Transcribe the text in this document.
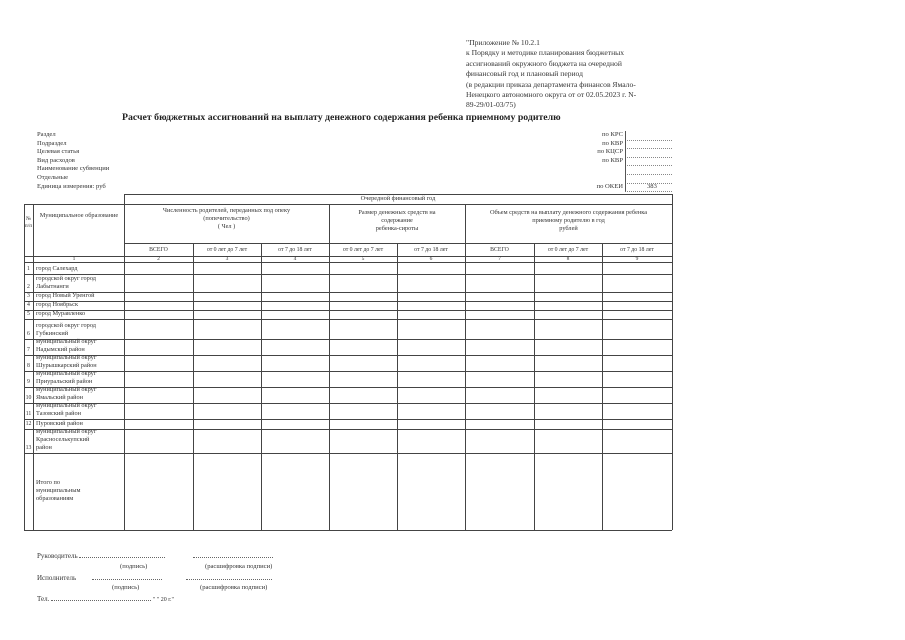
"Приложение № 10.2.1
к Порядку и методике планирования бюджетных
ассигнований окружного бюджета на очередной
финансовый год и плановый период
(в редакции приказа департамента финансов Ямало-
Ненецкого автономного округа от от 02.05.2023 г. N-
89-29/01-03/75)
Расчет бюджетных ассигнований на выплату денежного содержания ребенка приемному родителю
Раздел
Подраздел
Целевая статья
Вид расходов
Наименование субвенции
Отдельные
Единица измерения: руб
по КРС
по КВР
по КЦСР
по КВР
по ОКЕИ	383
Очередной финансовый год
№ п/п
Муниципальное образование
Численность родителей, переданных под опеку
(попечительство)
( Чел )
Размер денежных средств на
содержание
ребенка-сироты
Объем средств на выплату денежного содержания ребенка
приемному родителю в год
рублей
ВСЕГО	от 0 лет до 7 лет	от 7 до 18 лет	от 0 лет до 7 лет	от 7 до 18 лет	ВСЕГО	от 0 лет до 7 лет	от 7 до 18 лет
1	2	3	4	5	6	7	8	9
1 город Салехард
2
городской округ город
Лабытнанги
3 город Новый Уренгой
4 город Ноябрьск
5 город Муравленко
6
городской округ город
Губкинский
7
муниципальный округ
Надымский район
8
муниципальный округ
Шурышкарский район
9
муниципальный округ
Приуральский район
10
муниципальный округ
Ямальский район
11
муниципальный округ
Тазовский район
12 Пуровский район
13
муниципальный округ
Красноселькупский
район
Итого по
муниципальным
образованиям
Руководитель
(подпись)	(расшифровка подписи)
Исполнитель
(подпись)	(расшифровка подписи)
Тел.	" " 20 г."
